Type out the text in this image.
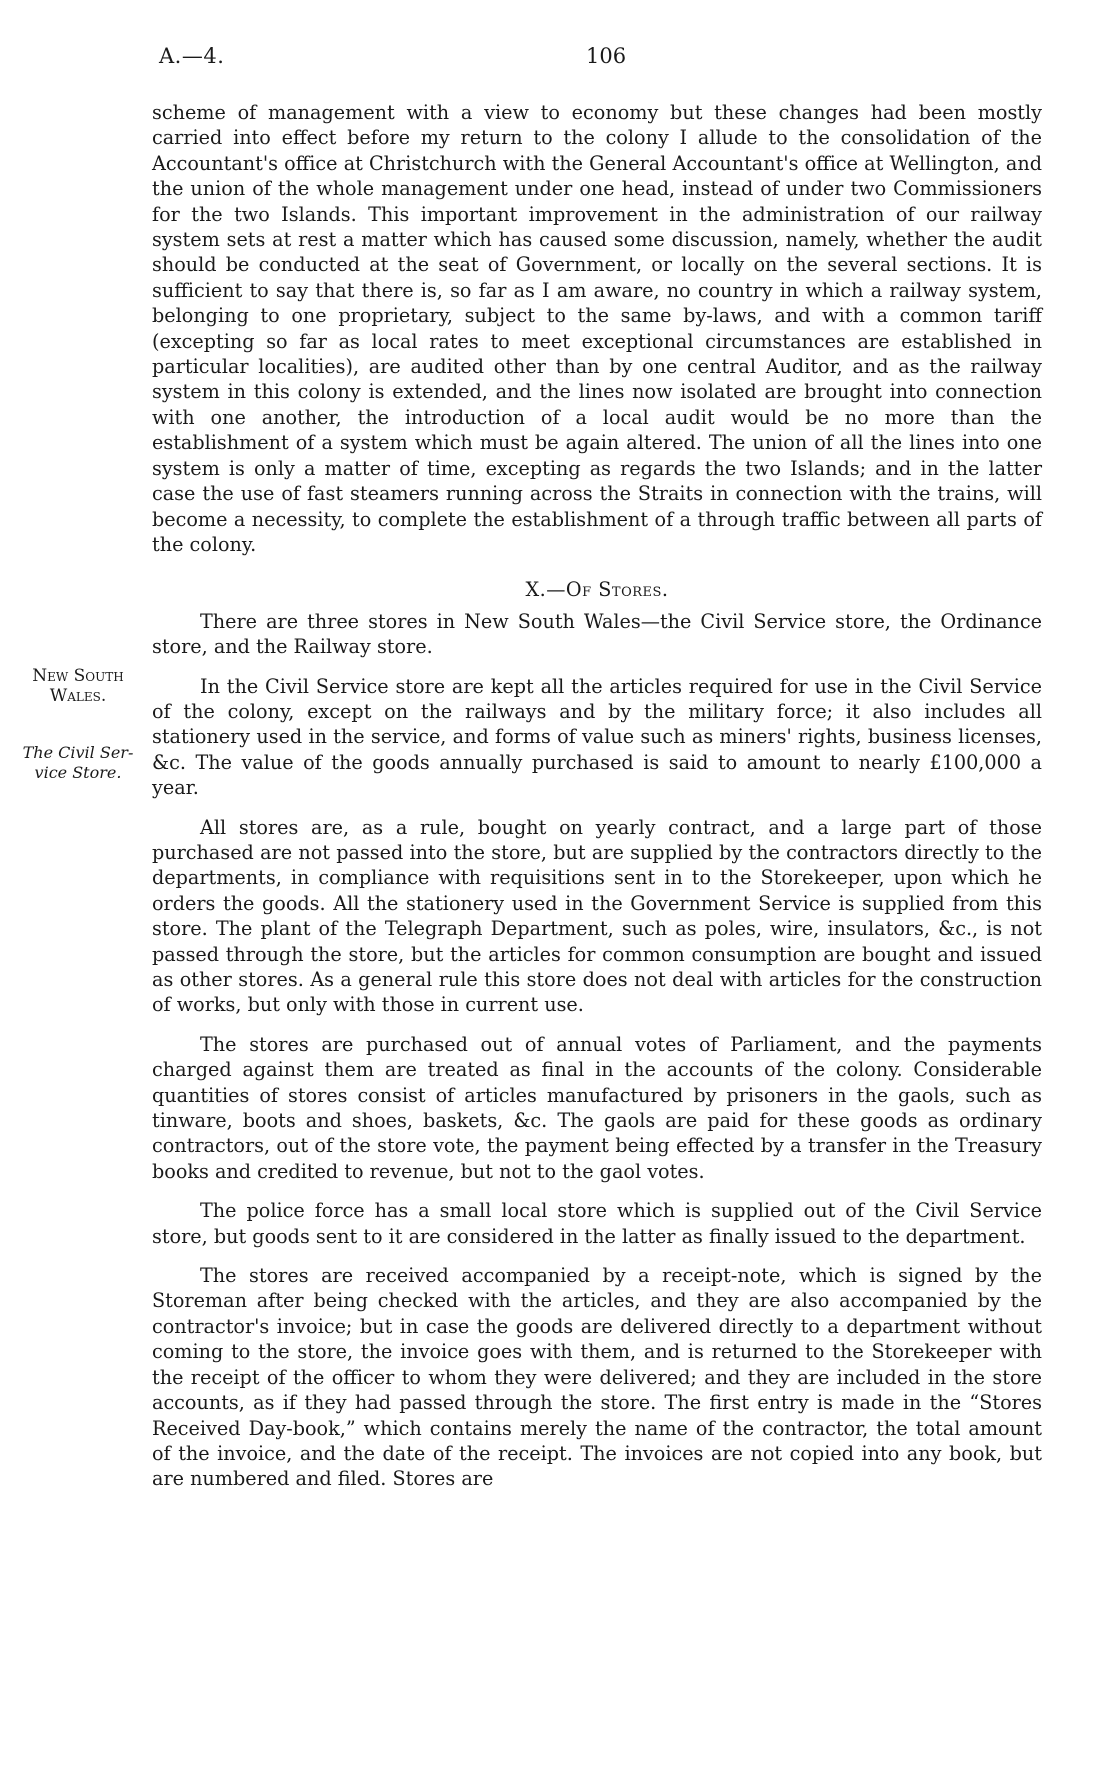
A.—4.	106
New South
Wales.
The Civil Ser-
vice Store.

scheme of management with a view to economy but these changes had been mostly carried into effect before my return to the colony I allude to the consolidation of the Accountant's office at Christchurch with the General Accountant's office at Wellington, and the union of the whole management under one head, instead of under two Commissioners for the two Islands. This important improvement in the administration of our railway system sets at rest a matter which has caused some discussion, namely, whether the audit should be conducted at the seat of Government, or locally on the several sections. It is sufficient to say that there is, so far as I am aware, no country in which a railway system, belonging to one proprietary, subject to the same by-laws, and with a common tariff (excepting so far as local rates to meet exceptional circumstances are established in particular localities), are audited other than by one central Auditor, and as the railway system in this colony is extended, and the lines now isolated are brought into connection with one another, the introduction of a local audit would be no more than the establishment of a system which must be again altered. The union of all the lines into one system is only a matter of time, excepting as regards the two Islands; and in the latter case the use of fast steamers running across the Straits in connection with the trains, will become a necessity, to complete the establishment of a through traffic between all parts of the colony.

X.—Of Stores.

There are three stores in New South Wales—the Civil Service store, the Ordinance store, and the Railway store.

In the Civil Service store are kept all the articles required for use in the Civil Service of the colony, except on the railways and by the military force; it also includes all stationery used in the service, and forms of value such as miners' rights, business licenses, &c. The value of the goods annually purchased is said to amount to nearly £100,000 a year.

All stores are, as a rule, bought on yearly contract, and a large part of those purchased are not passed into the store, but are supplied by the contractors directly to the departments, in compliance with requisitions sent in to the Storekeeper, upon which he orders the goods. All the stationery used in the Government Service is supplied from this store. The plant of the Telegraph Department, such as poles, wire, insulators, &c., is not passed through the store, but the articles for common consumption are bought and issued as other stores. As a general rule this store does not deal with articles for the construction of works, but only with those in current use.

The stores are purchased out of annual votes of Parliament, and the payments charged against them are treated as final in the accounts of the colony. Considerable quantities of stores consist of articles manufactured by prisoners in the gaols, such as tinware, boots and shoes, baskets, &c. The gaols are paid for these goods as ordinary contractors, out of the store vote, the payment being effected by a transfer in the Treasury books and credited to revenue, but not to the gaol votes.

The police force has a small local store which is supplied out of the Civil Service store, but goods sent to it are considered in the latter as finally issued to the department.

The stores are received accompanied by a receipt-note, which is signed by the Storeman after being checked with the articles, and they are also accompanied by the contractor's invoice; but in case the goods are delivered directly to a department without coming to the store, the invoice goes with them, and is returned to the Storekeeper with the receipt of the officer to whom they were delivered; and they are included in the store accounts, as if they had passed through the store. The first entry is made in the “Stores Received Day-book,” which contains merely the name of the contractor, the total amount of the invoice, and the date of the receipt. The invoices are not copied into any book, but are numbered and filed. Stores are
